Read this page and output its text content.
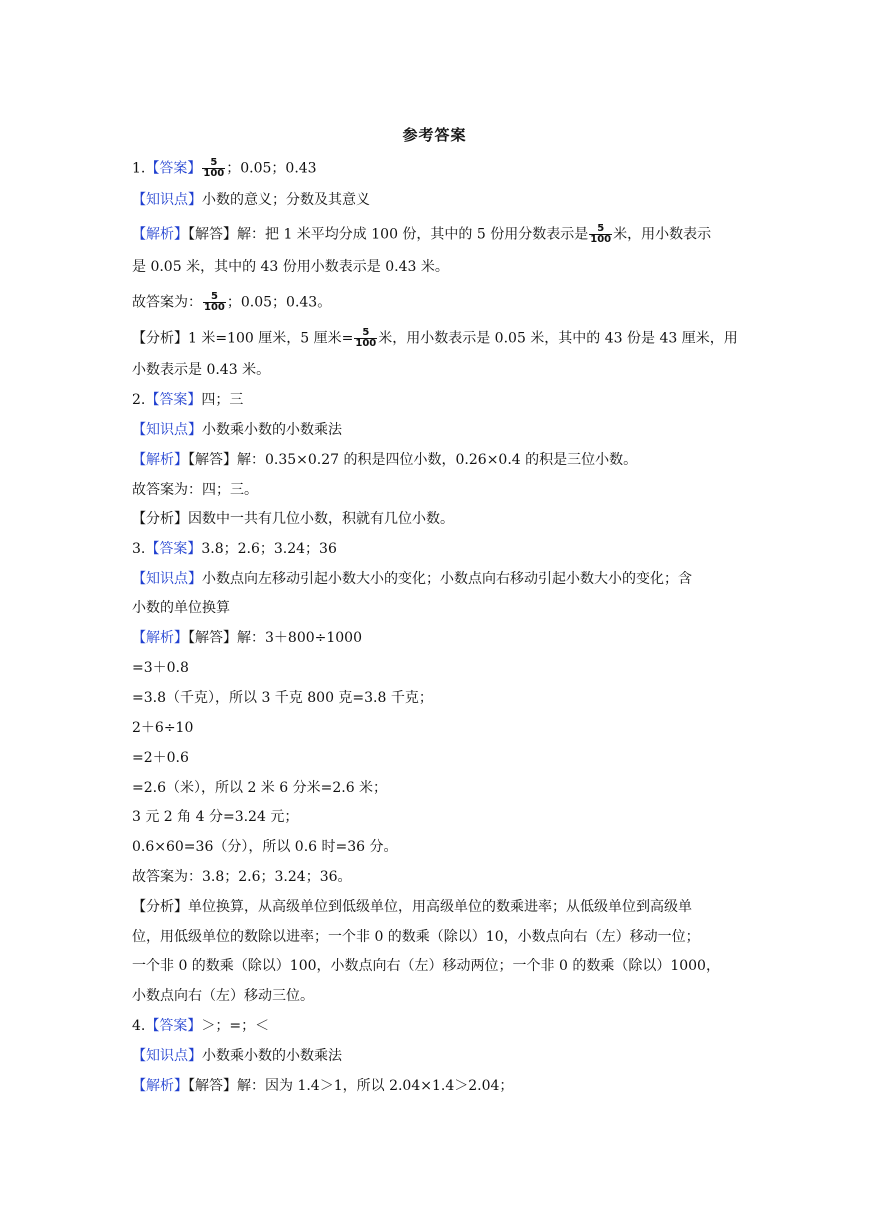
参考答案
1.【答案】 $\frac{5}{100}$ ；0.05；0.43
【知识点】小数的意义；分数及其意义
【解析】【解答】解：把 1 米平均分成 100 份，其中的 5 份用分数表示是 $\frac{5}{100}$ 米，用小数表示
是 0.05 米，其中的 43 份用小数表示是 0.43 米。
故答案为： $\frac{5}{100}$ ；0.05；0.43。
【分析】1 米=100 厘米，5 厘米= $\frac{5}{100}$ 米，用小数表示是 0.05 米，其中的 43 份是 43 厘米，用
小数表示是 0.43 米。
2.【答案】四；三
【知识点】小数乘小数的小数乘法
【解析】【解答】解：0.35×0.27 的积是四位小数，0.26×0.4 的积是三位小数。
故答案为：四；三。
【分析】因数中一共有几位小数，积就有几位小数。
3.【答案】3.8；2.6；3.24；36
【知识点】小数点向左移动引起小数大小的变化；小数点向右移动引起小数大小的变化；含
小数的单位换算
【解析】【解答】解：3＋800÷1000
=3＋0.8
=3.8（千克），所以 3 千克 800 克=3.8 千克；
2＋6÷10
=2＋0.6
=2.6（米），所以 2 米 6 分米=2.6 米；
3 元 2 角 4 分=3.24 元；
0.6×60=36（分），所以 0.6 时=36 分。
故答案为：3.8；2.6；3.24；36。
【分析】单位换算，从高级单位到低级单位，用高级单位的数乘进率；从低级单位到高级单
位，用低级单位的数除以进率；一个非 0 的数乘（除以）10，小数点向右（左）移动一位；
一个非 0 的数乘（除以）100，小数点向右（左）移动两位；一个非 0 的数乘（除以）1000，
小数点向右（左）移动三位。
4.【答案】＞；=；＜
【知识点】小数乘小数的小数乘法
【解析】【解答】解：因为 1.4＞1，所以 2.04×1.4＞2.04；
